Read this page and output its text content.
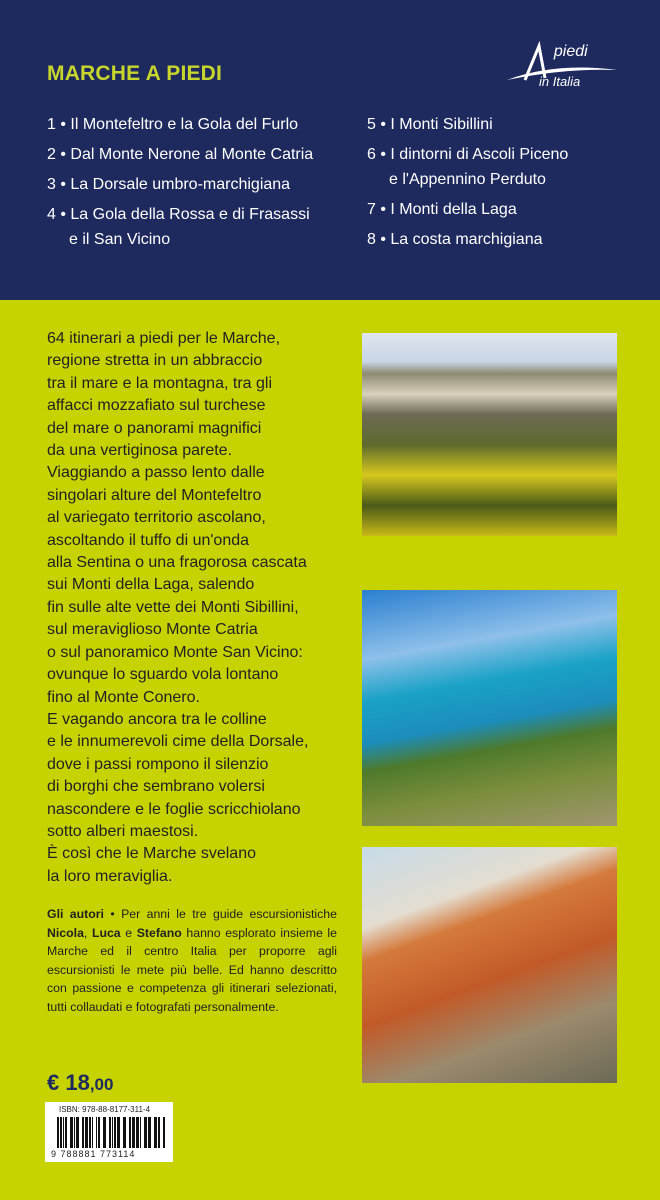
MARCHE A PIEDI
piedi
in Italia
1 • Il Montefeltro e la Gola del Furlo
2 • Dal Monte Nerone al Monte Catria
3 • La Dorsale umbro-marchigiana
4 • La Gola della Rossa e di Frasassi
e il San Vicino
5 • I Monti Sibillini
6 • I dintorni di Ascoli Piceno
e l'Appennino Perduto
7 • I Monti della Laga
8 • La costa marchigiana
64 itinerari a piedi per le Marche,
regione stretta in un abbraccio
tra il mare e la montagna, tra gli
affacci mozzafiato sul turchese
del mare o panorami magnifici
da una vertiginosa parete.
Viaggiando a passo lento dalle
singolari alture del Montefeltro
al variegato territorio ascolano,
ascoltando il tuffo di un'onda
alla Sentina o una fragorosa cascata
sui Monti della Laga, salendo
fin sulle alte vette dei Monti Sibillini,
sul meraviglioso Monte Catria
o sul panoramico Monte San Vicino:
ovunque lo sguardo vola lontano
fino al Monte Conero.
E vagando ancora tra le colline
e le innumerevoli cime della Dorsale,
dove i passi rompono il silenzio
di borghi che sembrano volersi
nascondere e le foglie scricchiolano
sotto alberi maestosi.
È così che le Marche svelano
la loro meraviglia.
Gli autori • Per anni le tre guide escursionistiche Nicola, Luca e Stefano hanno esplorato insieme le Marche ed il centro Italia per proporre agli escursionisti le mete più belle. Ed hanno descritto con passione e competenza gli itinerari selezionati, tutti collaudati e fotografati personalmente.
€ 18,00
ISBN: 978-88-8177-311-4
9 788881 773114
